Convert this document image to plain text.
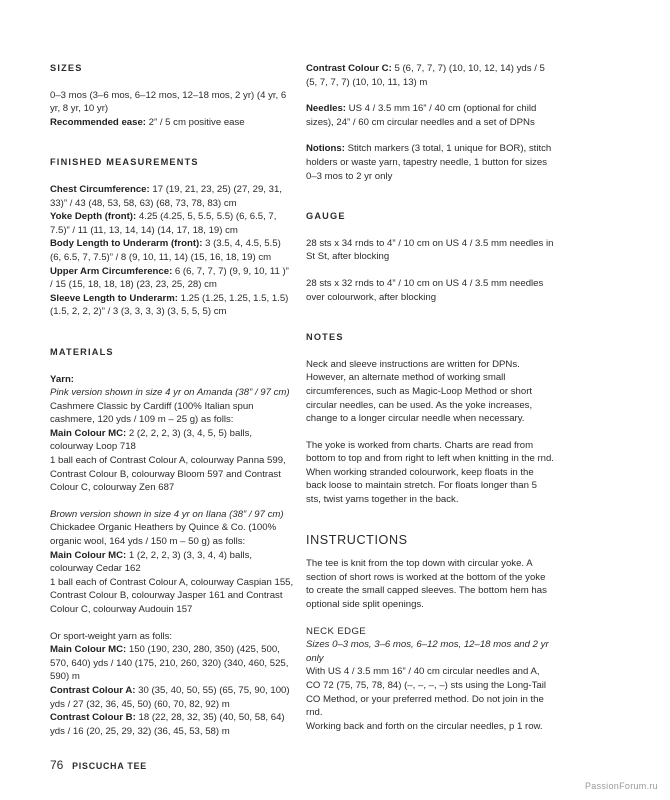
SIZES

0–3 mos (3–6 mos, 6–12 mos, 12–18 mos, 2 yr) (4 yr, 6 yr, 8 yr, 10 yr)

Recommended ease: 2” / 5 cm positive ease

FINISHED MEASUREMENTS

Chest Circumference: 17 (19, 21, 23, 25) (27, 29, 31, 33)” / 43 (48, 53, 58, 63) (68, 73, 78, 83) cm

Yoke Depth (front): 4.25 (4.25, 5, 5.5, 5.5) (6, 6.5, 7, 7.5)” / 11 (11, 13, 14, 14) (14, 17, 18, 19) cm

Body Length to Underarm (front): 3 (3.5, 4, 4.5, 5.5) (6, 6.5, 7, 7.5)” / 8 (9, 10, 11, 14) (15, 16, 18, 19) cm

Upper Arm Circumference: 6 (6, 7, 7, 7) (9, 9, 10, 11 )” / 15 (15, 18, 18, 18) (23, 23, 25, 28) cm

Sleeve Length to Underarm: 1.25 (1.25, 1.25, 1.5, 1.5) (1.5, 2, 2, 2)” / 3 (3, 3, 3, 3) (3, 5, 5, 5) cm

MATERIALS

Yarn:

Pink version shown in size 4 yr on Amanda (38” / 97 cm)

Cashmere Classic by Cardiff (100% Italian spun cashmere, 120 yds / 109 m – 25 g) as folls:

Main Colour MC: 2 (2, 2, 2, 3) (3, 4, 5, 5) balls, colourway Loop 718

1 ball each of Contrast Colour A, colourway Panna 599, Contrast Colour B, colourway Bloom 597 and Contrast Colour C, colourway Zen 687

Brown version shown in size 4 yr on Ilana (38” / 97 cm)

Chickadee Organic Heathers by Quince & Co. (100% organic wool, 164 yds / 150 m – 50 g) as folls:

Main Colour MC: 1 (2, 2, 2, 3) (3, 3, 4, 4) balls, colourway Cedar 162

1 ball each of Contrast Colour A, colourway Caspian 155, Contrast Colour B, colourway Jasper 161 and Contrast Colour C, colourway Audouin 157

Or sport-weight yarn as folls:

Main Colour MC: 150 (190, 230, 280, 350) (425, 500, 570, 640) yds / 140 (175, 210, 260, 320) (340, 460, 525, 590) m

Contrast Colour A: 30 (35, 40, 50, 55) (65, 75, 90, 100) yds / 27 (32, 36, 45, 50) (60, 70, 82, 92) m

Contrast Colour B: 18 (22, 28, 32, 35) (40, 50, 58, 64) yds / 16 (20, 25, 29, 32) (36, 45, 53, 58) m

Contrast Colour C: 5 (6, 7, 7, 7) (10, 10, 12, 14) yds / 5 (5, 7, 7, 7) (10, 10, 11, 13) m

Needles: US 4 / 3.5 mm 16” / 40 cm (optional for child sizes), 24” / 60 cm circular needles and a set of DPNs

Notions: Stitch markers (3 total, 1 unique for BOR), stitch holders or waste yarn, tapestry needle, 1 button for sizes 0–3 mos to 2 yr only

GAUGE

28 sts x 34 rnds to 4” / 10 cm on US 4 / 3.5 mm needles in St St, after blocking

28 sts x 32 rnds to 4” / 10 cm on US 4 / 3.5 mm needles over colourwork, after blocking

NOTES

Neck and sleeve instructions are written for DPNs. However, an alternate method of working small circumferences, such as Magic-Loop Method or short circular needles, can be used. As the yoke increases, change to a longer circular needle when necessary.

The yoke is worked from charts. Charts are read from bottom to top and from right to left when knitting in the rnd. When working stranded colourwork, keep floats in the back loose to maintain stretch. For floats longer than 5 sts, twist yarns together in the back.

INSTRUCTIONS

The tee is knit from the top down with circular yoke. A section of short rows is worked at the bottom of the yoke to create the small capped sleeves. The bottom hem has optional side split openings.

NECK EDGE

Sizes 0–3 mos, 3–6 mos, 6–12 mos, 12–18 mos and 2 yr only

With US 4 / 3.5 mm 16” / 40 cm circular needles and A, CO 72 (75, 75, 78, 84) (–, –, –, –) sts using the Long-Tail CO Method, or your preferred method. Do not join in the rnd.

Working back and forth on the circular needles, p 1 row.

76 PISCUCHA TEE
PassionForum.ru
